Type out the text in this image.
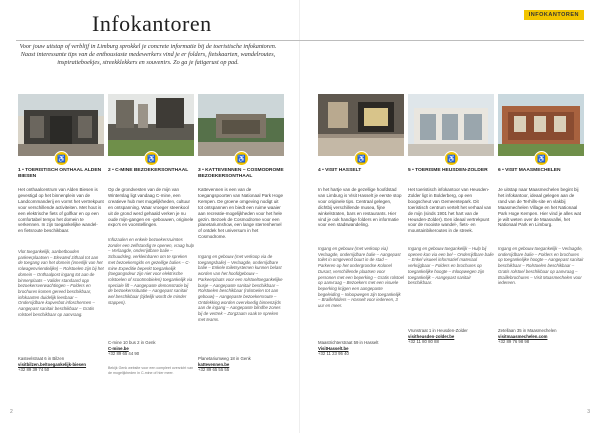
Infokantoren	INFOKANTOREN

Voor jouw uitstap of verblijf in Limburg sprokkel je concrete informatie bij de toeristische infokantoren. Naast interessante tips van de enthousiaste medewerkers vind je er folders, fietskaarten, wandelroutes, inspiratieboekjes, streekklekkers en souvenirs. Zo ga je fatigerust op pad.

♿
1 • TOERISTISCH ONTHAAL ALDEN BIESEN

Het onthaalcentrum van Alden Biesen is gevestigd op het binnenplein van de Landcommanderij en vormt het vertrekpunt voor verschillende activiteiten. Met hout is een elektrische fiets of golfkar en op een comfortabel tempo het domein te verkennen. In zijn toegankelijke wandel- en fietsroute beschikbaar.

Vlot toegankelijk, aanbetbouden parkeerplaatsen – Elevated zithaal tot aan de toegang van het domein (innerlijk van het rolwagenvriendelijke) – Rolstoelen zijn bij het domein – Onthaalpost ingang tot aan de binnenplaats – Valider standaard opp bezoekersverwachtingen – Folders en brochures komen gereed beschikbaar, infokaarten duidelijk leesbaar – Onderrijdbare kapverbot infoschermen – Aangepast sanitair beschikbaar – Gratis rolstoel beschikbaar op aanvraag.

Kasteelstraat 6 in Bilzen
visitbilzen.be/toegankelijk-biesen
+32 89 39 74 50
♿
2 • C-MINE BEZOEKERSONTHAAL

Op de grondvesten van de mijn van Winterslag ligt vandaag C-mine, een creatieve hub met mogelijkheden, cultuur en ontspanning. Waar vroeger steenkool uit de grond werd gehaald verken je nu oude mijn-gangen en -gebouwen, originele expo's en voorstellingen.

Infozaalen en enkele bezoekersruimtes zonder een zelfstandig te openen, vraag hulp – Verlaagde, onderrijdbare balie – Schuudsleg, verkleinbaren om te spreken met bezoekersgids en gezellige balies – C-mine Expeditie beperkt toegankelijk (toegangsdeur zijn niet voor elektrische rolstoelen of scootmobielen) toegankelijk via speciale lift – Aangepaste demonstratie bij de bezoekerssituatie – Aangepast sanitair wel beschikbaar (tijdelijk wordt de minder stappen).

C-mine 10 bus 2 in Genk
C-mine.be
+32 89 65 44 90

Bekijk Genk website voor een compleet overzicht van de mogelijkheden in C-mine of hier meer.

♿
3 • KATTEVENNEN – COSMODROME BEZOEKERSONTHAAL

Kattevennen is een van de toegangspoorten van Nationaal Park Hoge Kempen. De groene omgeving nodigt uit tot ontspannen en biedt een ruime waaier aan recreatie-mogelijkheden voor het hele gezin. Bezoek de Cosmodrome voor een planetariumshow, een lange sterrenhemel of ontdek het universum in het Cosmodrome.

Ingang en gebouw (met verkoop via de toegangsbalie) – Verlaagde, onderrijdbare balie – Enkele toiletsystemen kunnen belast worden van het hoofdgebouw – Parkeerplaats voor een rolstoeltoegankelijke busje – Aangepaste sanitair beschikbaar – Rolstoelen beschikbaar (rolstoelen tot aan gebouw) – Aangepaste bezoekersroute – Ontdekking worden overvloedig binnenzijds aan de ingang – Aangepaste blindhe zones bij de vertrek – Zorgzaam vaak te spreken met teams.

Planetariumweg 18 in Genk
kattevennen.be
+32 89 65 55 55
♿
4 • VISIT HASSELT

In het hartje van de gezellige hoofdstad van Limburg is Visit Hasselt je eerste stop voor originele tips. Centraal gelegen, dichtbij verschillende musea, fijne winkelstraten, bars en restaurants. Hier vind je ook handige folders en informatie voor een stadswandeling.

Ingang en gebouw (met verkoop via) Verlaagde, onderrijdbare balie – Aangepast toilet in omgevend buurt in de stad – Parkeren op het ondergrondse Kolonel Dusart, verschillende plaatsen voor personen met een beperking – Gratis rolstoel op aanvraag – Bezoekers met een visuele beperking krijgen een aangepaste begeleiding – Inloopwegen zijn toegankelijk – Braillefolders – Hasselt voor iedereen, 3 uur en meer.

Maastrichterstraat 59 in Hasselt
VisitHasselt.be
+32 11 23 95 40
♿
5 • TOERISME HEUSDEN-ZOLDER

Het toeristisch infokantoor van Heusden-Zolder ligt in Bolderberg, op een boogscheut van Gemeentepark. Dit toeristisch centrum vertelt het verhaal van de mijn (sinds 1901 het hart van de Heusden-Zolder). Een ideaal vertrekpunt voor de mooiste wandel-, fiets- en mountainbikeroutes in de streek.

Ingang en gebouw toegankelijk – Hulp bij openen kan via een bel – Onderrijdbare balie – Enkel visueel informatief materiaal verkrijgbaar – Folders en brochures op toegankelijke hoogte – Inloopwegen zijn toegankelijk – Aangepast sanitair beschikbaar.

Vrunstraat 1 in Heusden-Zolder
visitheusden-zolder.be
+32 11 80 80 88
♿
6 • VISIT MAASMECHELEN

Je uitstap naar Maasmechelen begint bij het infokantoor, ideaal gelegen aan de rand van de Terhills-site en vlakbij Maasmechelen Village en het Nationaal Park Hoge Kempen. Hier vind je alles wat je wilt weten over de Maasvallei, het Nationaal Park en Limburg.

Ingang en gebouw toegankelijk – Verlaagde, onderrijdbare balie – Folders en brochures op toegankelijke hoogte – Aangepast sanitair beschikbaar – Rolstoelen beschikbaar – Gratis rolstoel beschikbaar op aanvraag – Braillebrochures – Visit Maasmechelen voor iedereen.

Zetellaan 35 in Maasmechelen
visitmaasmechelen.com
+32 89 76 98 98
2	3
